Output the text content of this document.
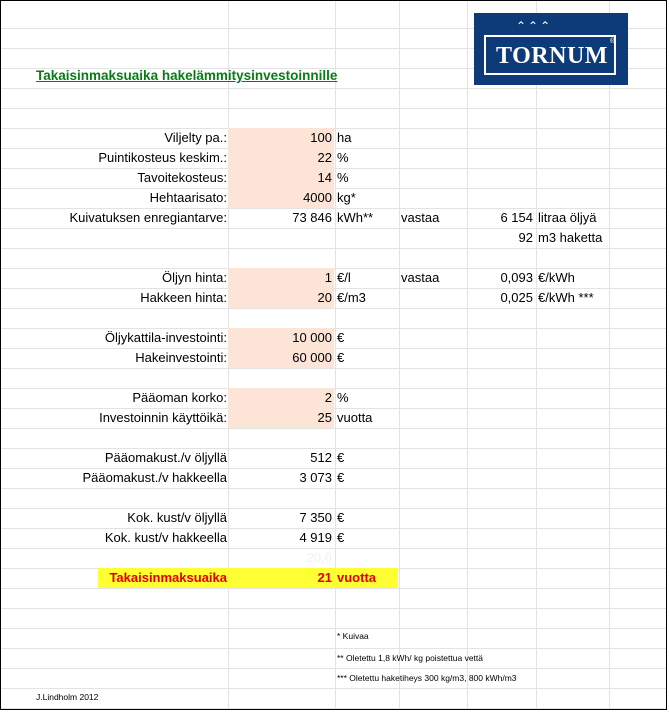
Takaisinmaksuaika hakelämmitysinvestoinnille
⌃⌃⌃
TORNUM
®
Viljelty pa.:	100 ha
Puintikosteus keskim.:	22 %
Tavoitekosteus:	14 %
Hehtaarisato:	4000 kg*
Kuivatuksen enregiantarve:	73 846 kWh** vastaa	6 154 litraa öljyä
92 m3 haketta
Öljyn hinta:	1 €/l	vastaa	0,093 €/kWh
Hakkeen hinta:	20 €/m3	0,025 €/kWh ***
Öljykattila-investointi:	10 000 €
Hakeinvestointi:	60 000 €
Pääoman korko:	2 %
Investoinnin käyttöikä:	25 vuotta
Pääomakust./v öljyllä	512 €
Pääomakust./v hakkeella	3 073 €
Kok. kust/v öljyllä	7 350 €
Kok. kust/v hakkeella	4 919 €
20,6
Takaisinmaksuaika	21 vuotta
* Kuivaa
** Oletettu 1,8 kWh/ kg poistettua vettä
*** Oletettu haketiheys 300 kg/m3, 800 kWh/m3
J.Lindholm 2012
